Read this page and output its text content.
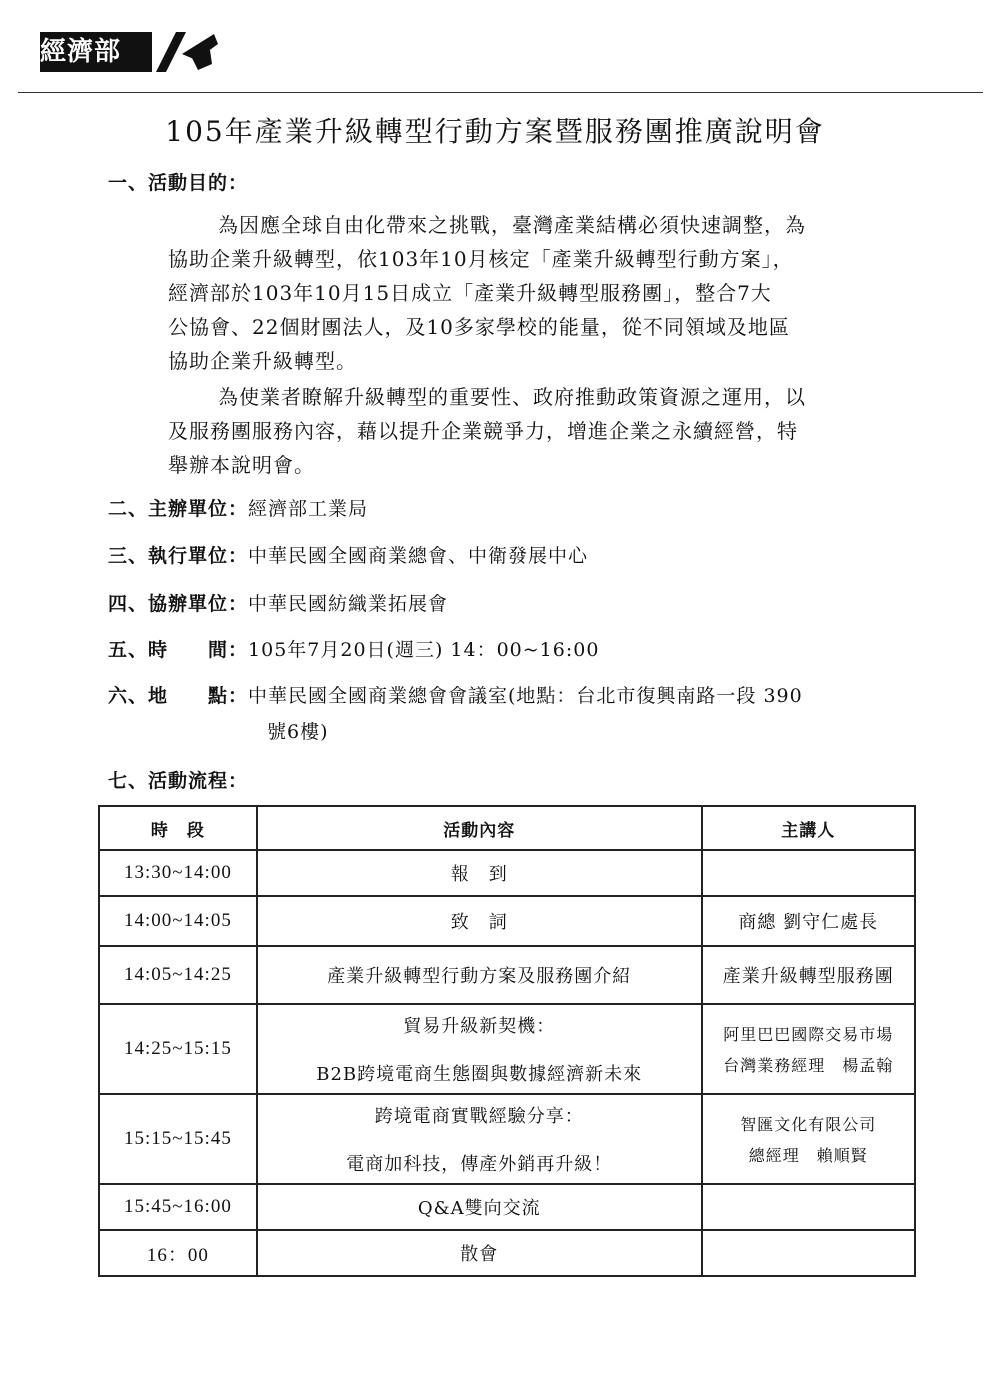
經濟部
105年產業升級轉型行動方案暨服務團推廣說明會
一、活動目的：
為因應全球自由化帶來之挑戰，臺灣產業結構必須快速調整，為
協助企業升級轉型，依103年10月核定「產業升級轉型行動方案」，
經濟部於103年10月15日成立「產業升級轉型服務團」，整合7大
公協會、22個財團法人，及10多家學校的能量，從不同領域及地區
協助企業升級轉型。
為使業者瞭解升級轉型的重要性、政府推動政策資源之運用，以
及服務團服務內容，藉以提升企業競爭力，增進企業之永續經營，特
舉辦本說明會。
二、主辦單位：經濟部工業局
三、執行單位：中華民國全國商業總會、中衛發展中心
四、協辦單位：中華民國紡織業拓展會
五、時　　間：105年7月20日(週三) 14：00~16:00
六、地　　點：中華民國全國商業總會會議室(地點：台北市復興南路一段 390
號6樓)
七、活動流程：
時　段	活動內容	主講人
13:30~14:00	報　到	
14:00~14:05	致　詞	商總 劉守仁處長
14:05~14:25	產業升級轉型行動方案及服務團介紹	產業升級轉型服務團
14:25~15:15	貿易升級新契機：
B2B跨境電商生態圈與數據經濟新未來	阿里巴巴國際交易市場
台灣業務經理　楊孟翰

15:15~15:45	跨境電商實戰經驗分享：
電商加科技，傳產外銷再升級！	智匯文化有限公司
總經理　賴順賢

15:45~16:00	Q&A雙向交流	
16：00	散會	
